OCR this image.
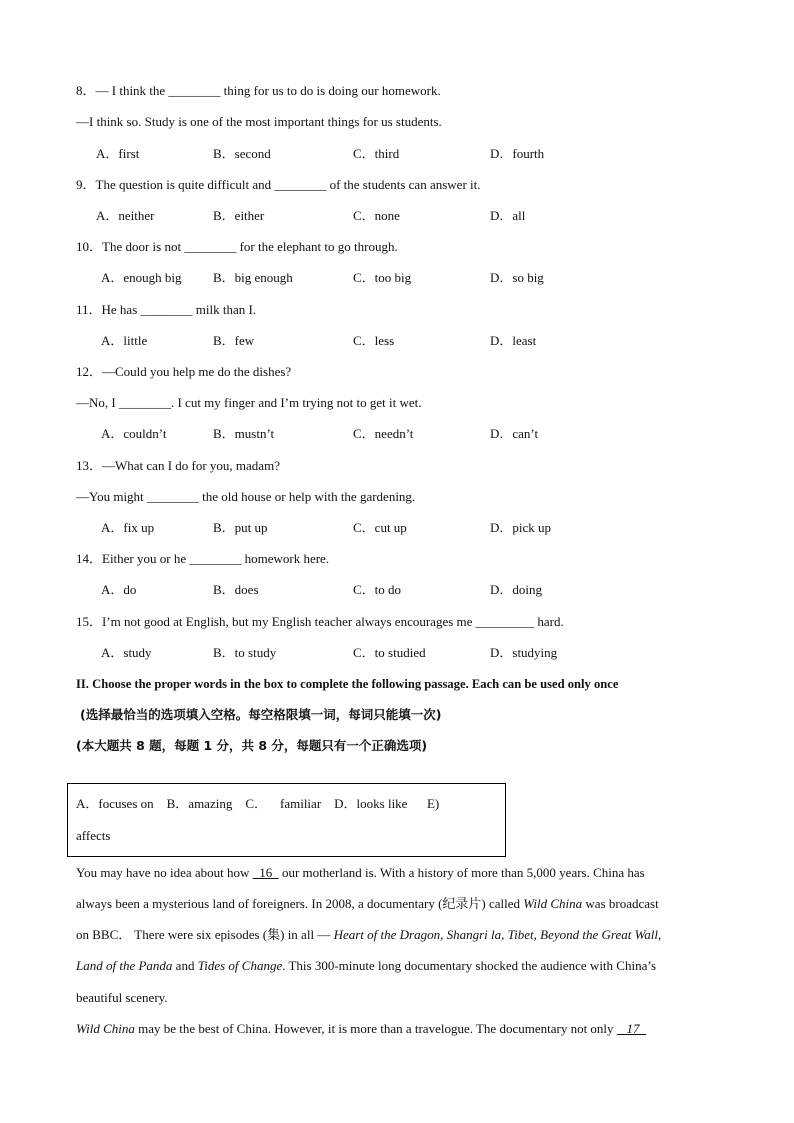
8．— I think the ________ thing for us to do is doing our homework.
—I think so. Study is one of the most important things for us students.
A．first	B．second	C．third	D．fourth
9．The question is quite difficult and ________ of the students can answer it.
A．neither	B．either	C．none	D．all
10．The door is not ________ for the elephant to go through.
A．enough big B．big enough	C．too big	D．so big
11．He has ________ milk than I.
A．little	B．few	C．less	D．least
12．—Could you help me do the dishes?
—No, I ________. I cut my finger and I’m trying not to get it wet.
A．couldn’t	B．mustn’t	C．needn’t	D．can’t
13．—What can I do for you, madam?
—You might ________ the old house or help with the gardening.
A．fix up	B．put up	C．cut up	D．pick up
14．Either you or he ________ homework here.
A．do	B．does	C．to do	D．doing
15．I’m not good at English, but my English teacher always encourages me _________ hard.
A．study	B．to study	C．to studied	D．studying
II. Choose the proper words in the box to complete the following passage. Each can be used only once
(选择最恰当的选项填入空格。每空格限填一词，每词只能填一次)
(本大题共 8 题，每题 1 分，共 8 分，每题只有一个正确选项)
A．focuses on    B．amazing    C．    familiar    D．looks like      E)
affects
You may have no idea about how   16   our motherland is. With a history of more than 5,000 years. China has
always been a mysterious land of foreigners. In 2008, a documentary (纪录片) called Wild China was broadcast
on BBC． There were six episodes (集) in all — Heart of the Dragon, Shangri la, Tibet, Beyond the Great Wall,
Land of the Panda and Tides of Change. This 300-minute long documentary shocked the audience with China’s
beautiful scenery.
Wild China may be the best of China. However, it is more than a travelogue. The documentary not only    17
